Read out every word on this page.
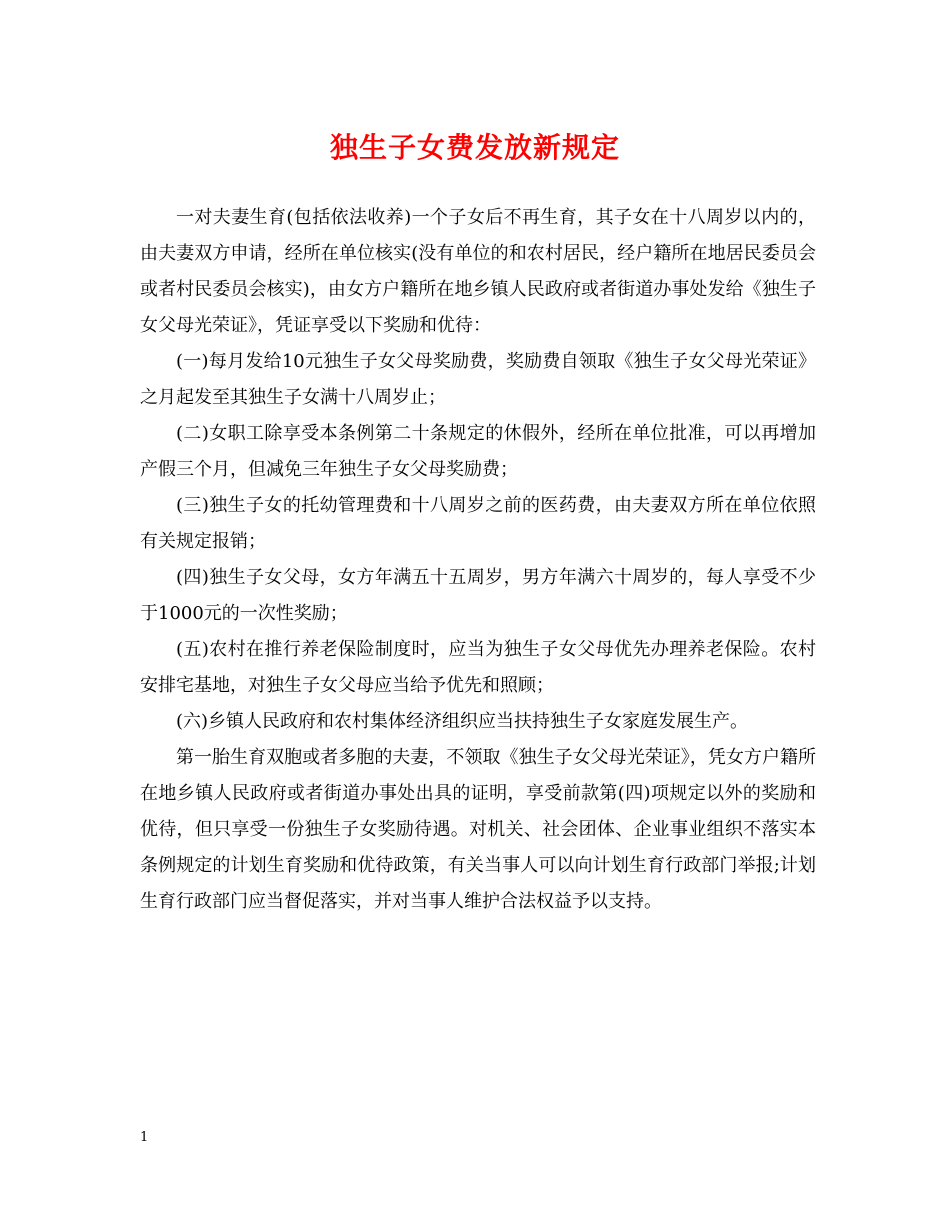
独生子女费发放新规定

一对夫妻生育(包括依法收养)一个子女后不再生育，其子女在十八周岁以内的，由夫妻双方申请，经所在单位核实(没有单位的和农村居民，经户籍所在地居民委员会或者村民委员会核实)，由女方户籍所在地乡镇人民政府或者街道办事处发给《独生子女父母光荣证》，凭证享受以下奖励和优待：

(一)每月发给10元独生子女父母奖励费，奖励费自领取《独生子女父母光荣证》之月起发至其独生子女满十八周岁止；

(二)女职工除享受本条例第二十条规定的休假外，经所在单位批准，可以再增加产假三个月，但减免三年独生子女父母奖励费；

(三)独生子女的托幼管理费和十八周岁之前的医药费，由夫妻双方所在单位依照有关规定报销；

(四)独生子女父母，女方年满五十五周岁，男方年满六十周岁的，每人享受不少于1000元的一次性奖励；

(五)农村在推行养老保险制度时，应当为独生子女父母优先办理养老保险。农村安排宅基地，对独生子女父母应当给予优先和照顾；

(六)乡镇人民政府和农村集体经济组织应当扶持独生子女家庭发展生产。

第一胎生育双胞或者多胞的夫妻，不领取《独生子女父母光荣证》，凭女方户籍所在地乡镇人民政府或者街道办事处出具的证明，享受前款第(四)项规定以外的奖励和优待，但只享受一份独生子女奖励待遇。对机关、社会团体、企业事业组织不落实本条例规定的计划生育奖励和优待政策，有关当事人可以向计划生育行政部门举报;计划生育行政部门应当督促落实，并对当事人维护合法权益予以支持。

1
